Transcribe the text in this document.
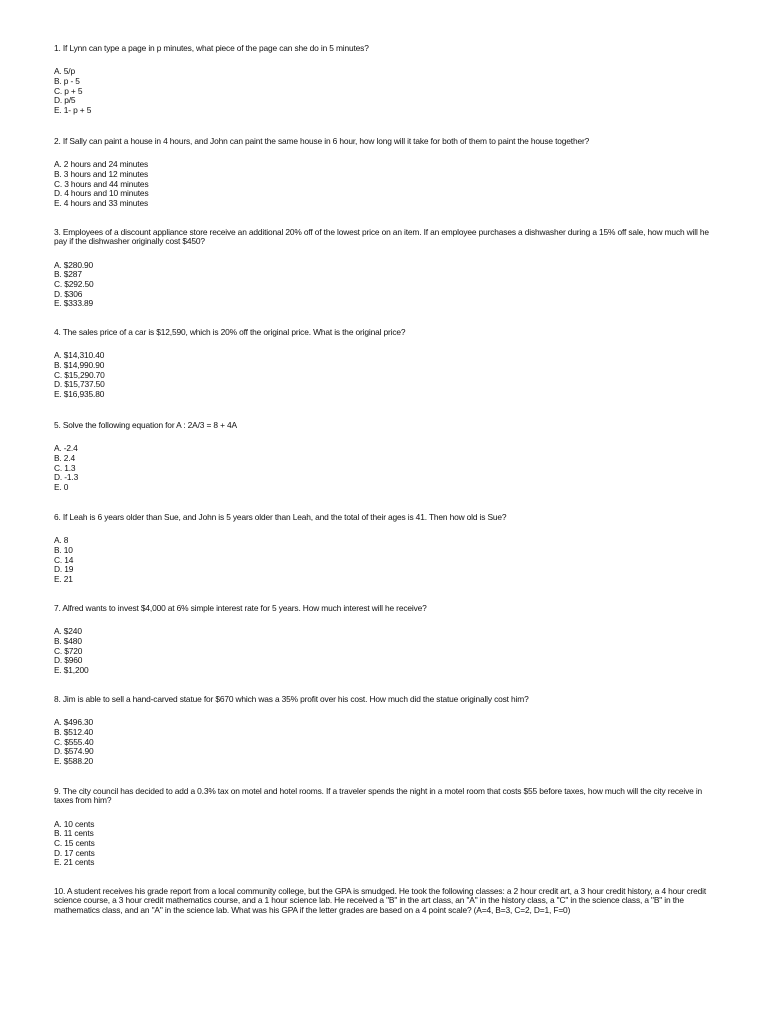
1. If Lynn can type a page in p minutes, what piece of the page can she do in 5 minutes?

A. 5/p
B. p - 5
C. p + 5
D. p/5
E. 1- p + 5

2. If Sally can paint a house in 4 hours, and John can paint the same house in 6 hour, how long will it take for both of them to paint the house together?

A. 2 hours and 24 minutes
B. 3 hours and 12 minutes
C. 3 hours and 44 minutes
D. 4 hours and 10 minutes
E. 4 hours and 33 minutes

3. Employees of a discount appliance store receive an additional 20% off of the lowest price on an item. If an employee purchases a dishwasher during a 15% off sale, how much will he pay if the dishwasher originally cost $450?

A. $280.90
B. $287
C. $292.50
D. $306
E. $333.89

4. The sales price of a car is $12,590, which is 20% off the original price. What is the original price?

A. $14,310.40
B. $14,990.90
C. $15,290.70
D. $15,737.50
E. $16,935.80

5. Solve the following equation for A : 2A/3 = 8 + 4A

A. -2.4
B. 2.4
C. 1.3
D. -1.3
E. 0

6. If Leah is 6 years older than Sue, and John is 5 years older than Leah, and the total of their ages is 41. Then how old is Sue?

A. 8
B. 10
C. 14
D. 19
E. 21

7. Alfred wants to invest $4,000 at 6% simple interest rate for 5 years. How much interest will he receive?

A. $240
B. $480
C. $720
D. $960
E. $1,200

8. Jim is able to sell a hand-carved statue for $670 which was a 35% profit over his cost. How much did the statue originally cost him?

A. $496.30
B. $512.40
C. $555.40
D. $574.90
E. $588.20

9. The city council has decided to add a 0.3% tax on motel and hotel rooms. If a traveler spends the night in a motel room that costs $55 before taxes, how much will the city receive in taxes from him?

A. 10 cents
B. 11 cents
C. 15 cents
D. 17 cents
E. 21 cents

10. A student receives his grade report from a local community college, but the GPA is smudged. He took the following classes: a 2 hour credit art, a 3 hour credit history, a 4 hour credit science course, a 3 hour credit mathematics course, and a 1 hour science lab. He received a "B" in the art class, an "A" in the history class, a "C" in the science class, a "B" in the mathematics class, and an "A" in the science lab. What was his GPA if the letter grades are based on a 4 point scale? (A=4, B=3, C=2, D=1, F=0)
